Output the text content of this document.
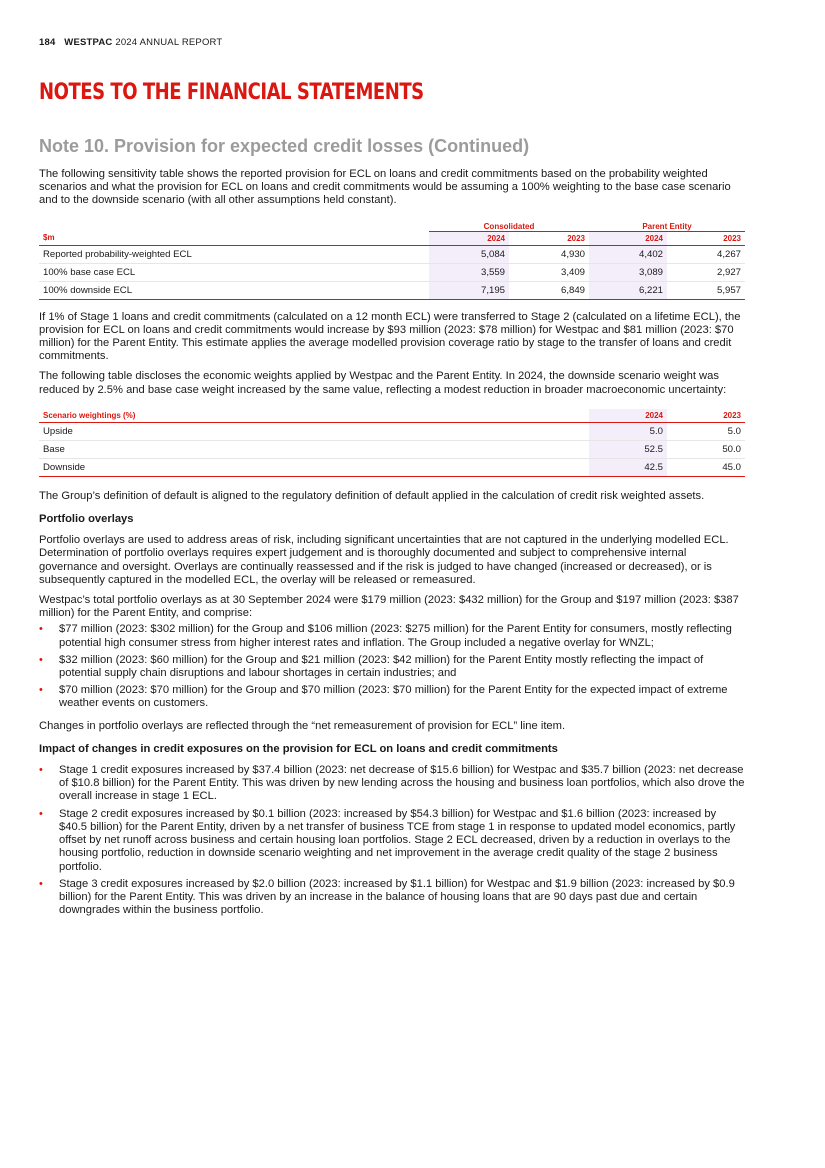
184 WESTPAC 2024 ANNUAL REPORT
NOTES TO THE FINANCIAL STATEMENTS
Note 10. Provision for expected credit losses (Continued)

The following sensitivity table shows the reported provision for ECL on loans and credit commitments based on the probability weighted scenarios and what the provision for ECL on loans and credit commitments would be assuming a 100% weighting to the base case scenario and to the downside scenario (with all other assumptions held constant).

	Consolidated		Parent Entity	
$m	2024	2023	2024	2023
Reported probability-weighted ECL	5,084	4,930	4,402	4,267
100% base case ECL	3,559	3,409	3,089	2,927
100% downside ECL	7,195	6,849	6,221	5,957

If 1% of Stage 1 loans and credit commitments (calculated on a 12 month ECL) were transferred to Stage 2 (calculated on a lifetime ECL), the provision for ECL on loans and credit commitments would increase by $93 million (2023: $78 million) for Westpac and $81 million (2023: $70 million) for the Parent Entity. This estimate applies the average modelled provision coverage ratio by stage to the transfer of loans and credit commitments.

The following table discloses the economic weights applied by Westpac and the Parent Entity. In 2024, the downside scenario weight was reduced by 2.5% and base case weight increased by the same value, reflecting a modest reduction in broader macroeconomic uncertainty:

Scenario weightings (%)	2024	2023
Upside	5.0	5.0
Base	52.5	50.0
Downside	42.5	45.0

The Group’s definition of default is aligned to the regulatory definition of default applied in the calculation of credit risk weighted assets.

Portfolio overlays

Portfolio overlays are used to address areas of risk, including significant uncertainties that are not captured in the underlying modelled ECL. Determination of portfolio overlays requires expert judgement and is thoroughly documented and subject to comprehensive internal governance and oversight. Overlays are continually reassessed and if the risk is judged to have changed (increased or decreased), or is subsequently captured in the modelled ECL, the overlay will be released or remeasured.

Westpac’s total portfolio overlays as at 30 September 2024 were $179 million (2023: $432 million) for the Group and $197 million (2023: $387 million) for the Parent Entity, and comprise:

• $77 million (2023: $302 million) for the Group and $106 million (2023: $275 million) for the Parent Entity for consumers, mostly reflecting potential high consumer stress from higher interest rates and inflation. The Group included a negative overlay for WNZL;
• $32 million (2023: $60 million) for the Group and $21 million (2023: $42 million) for the Parent Entity mostly reflecting the impact of potential supply chain disruptions and labour shortages in certain industries; and
• $70 million (2023: $70 million) for the Group and $70 million (2023: $70 million) for the Parent Entity for the expected impact of extreme weather events on customers.

Changes in portfolio overlays are reflected through the “net remeasurement of provision for ECL” line item.

Impact of changes in credit exposures on the provision for ECL on loans and credit commitments

• Stage 1 credit exposures increased by $37.4 billion (2023: net decrease of $15.6 billion) for Westpac and $35.7 billion (2023: net decrease of $10.8 billion) for the Parent Entity. This was driven by new lending across the housing and business loan portfolios, which also drove the overall increase in stage 1 ECL.
• Stage 2 credit exposures increased by $0.1 billion (2023: increased by $54.3 billion) for Westpac and $1.6 billion (2023: increased by $40.5 billion) for the Parent Entity, driven by a net transfer of business TCE from stage 1 in response to updated model economics, partly offset by net runoff across business and certain housing loan portfolios. Stage 2 ECL decreased, driven by a reduction in overlays to the housing portfolio, reduction in downside scenario weighting and net improvement in the average credit quality of the stage 2 business portfolio.
• Stage 3 credit exposures increased by $2.0 billion (2023: increased by $1.1 billion) for Westpac and $1.9 billion (2023: increased by $0.9 billion) for the Parent Entity. This was driven by an increase in the balance of housing loans that are 90 days past due and certain downgrades within the business portfolio.
